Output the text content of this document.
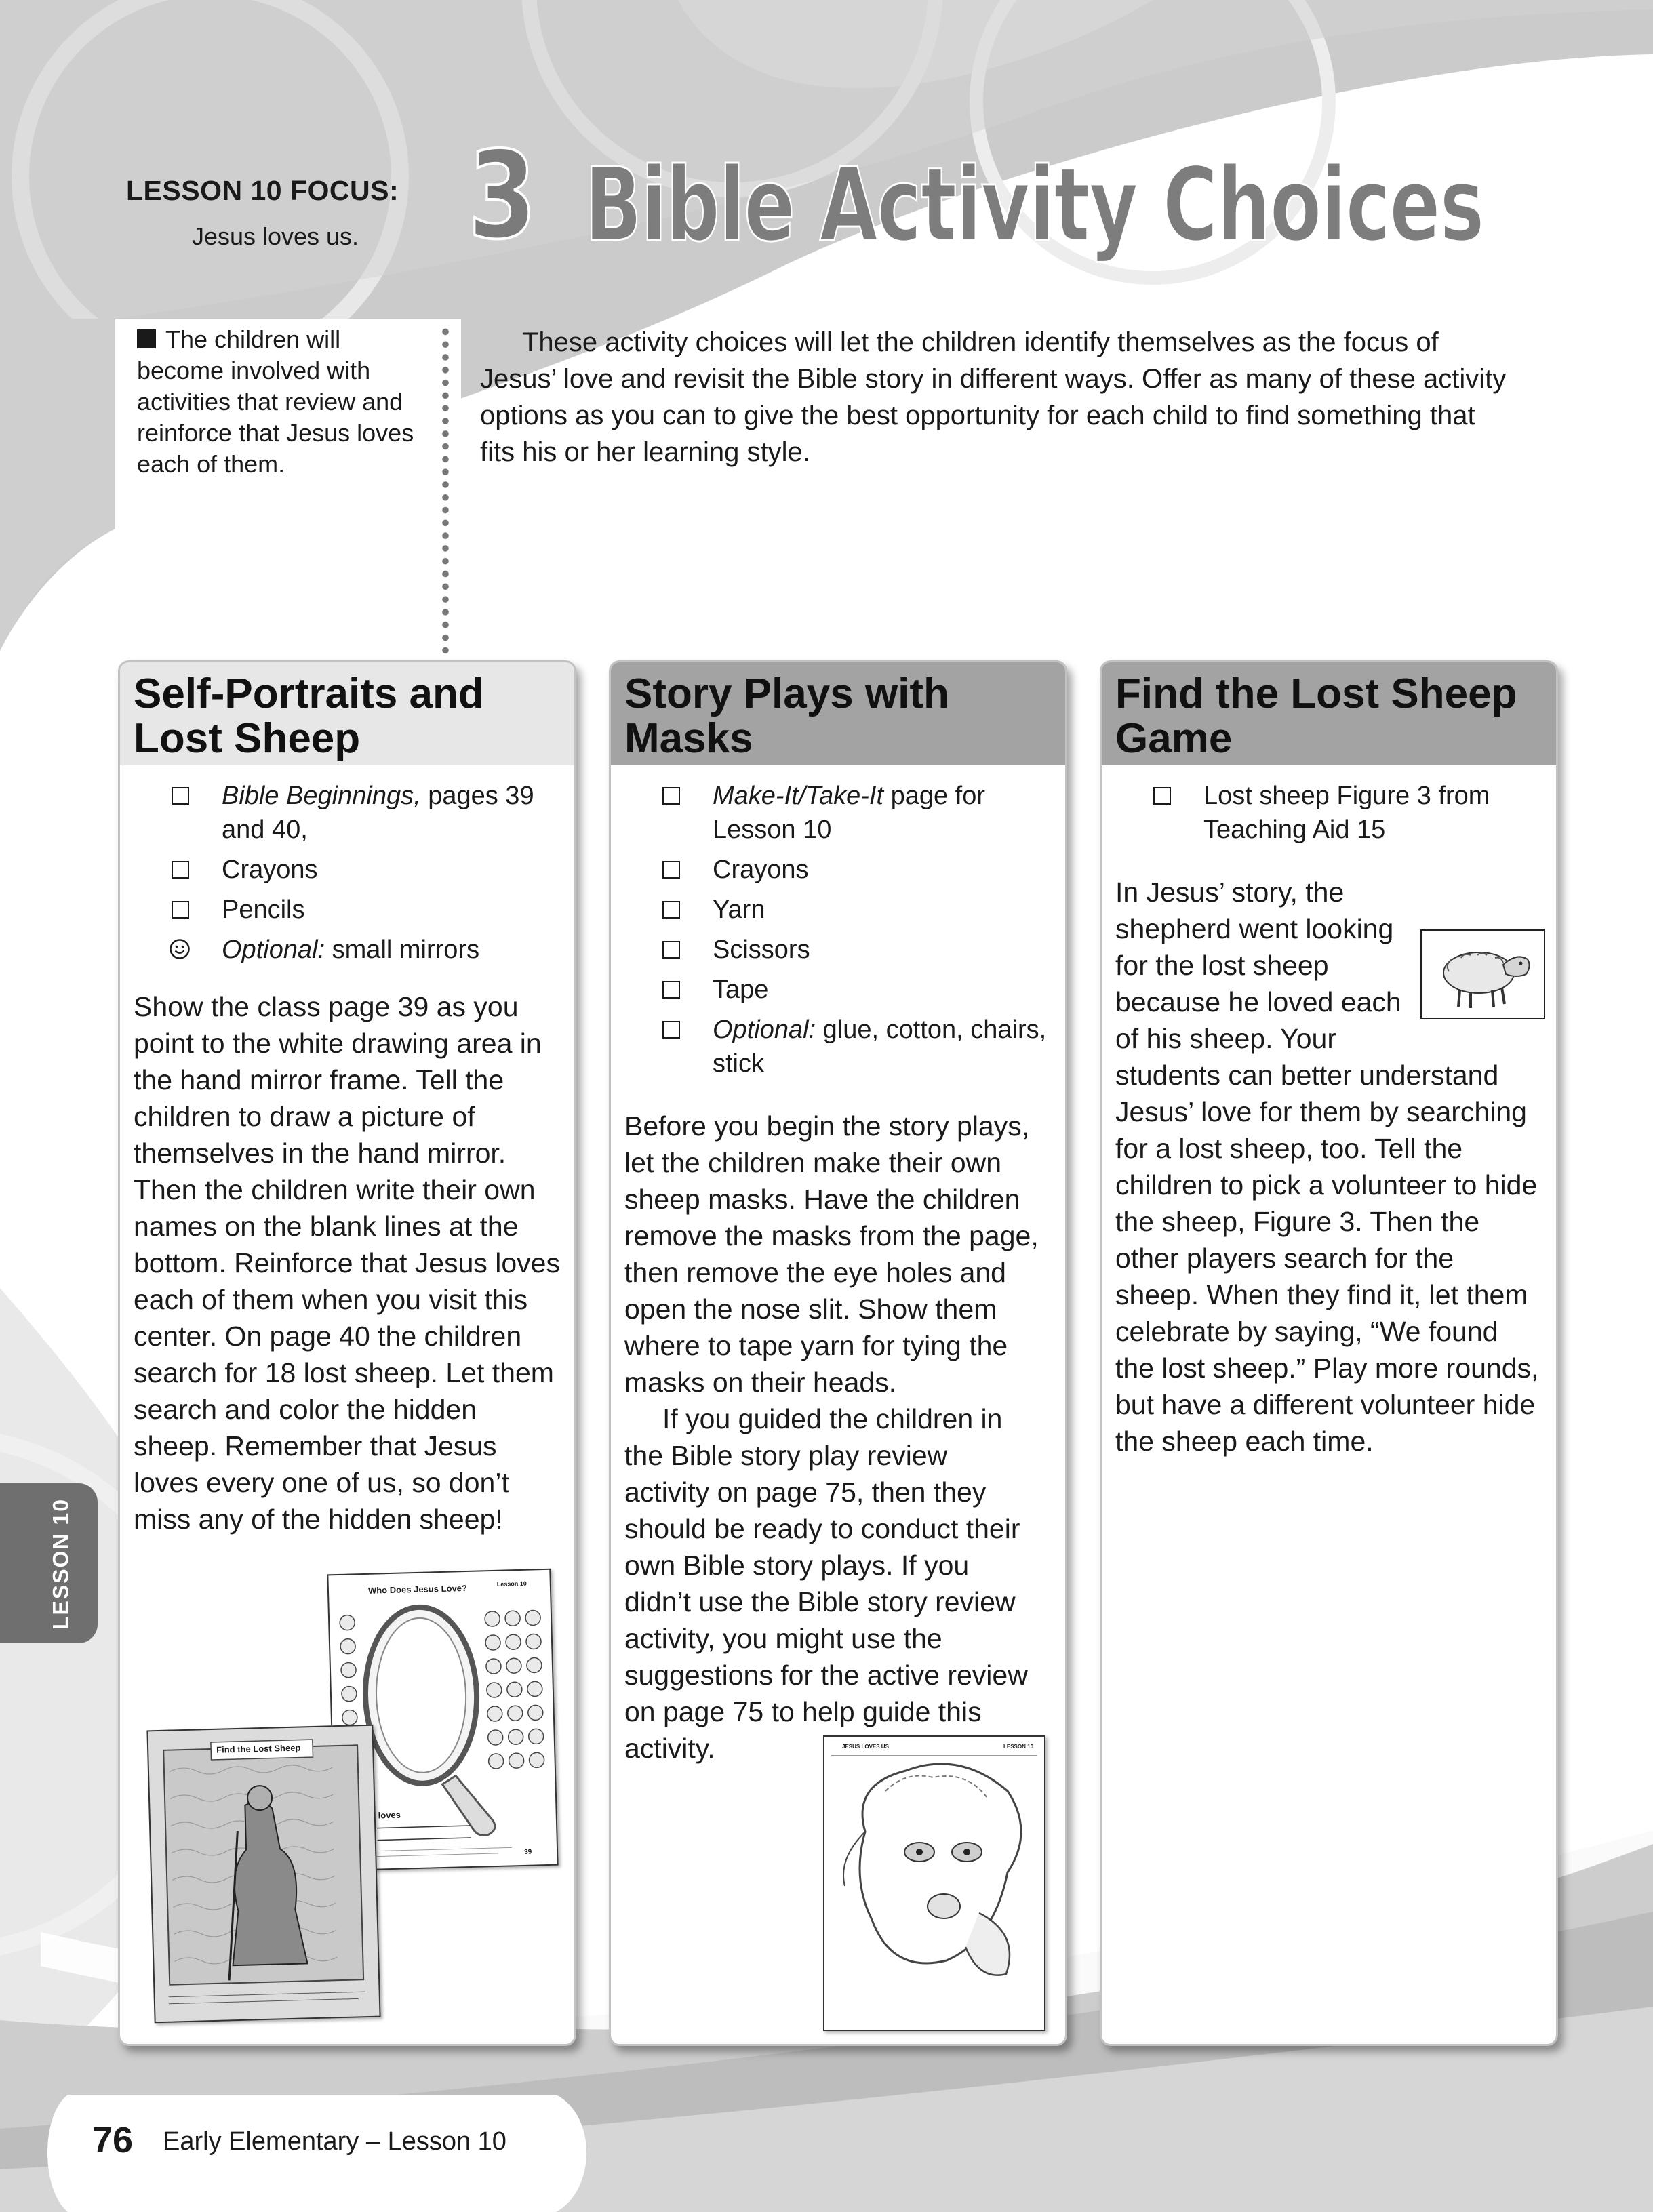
LESSON 10 FOCUS:
Jesus loves us. 3 Bible Activity Choices
The children will become involved with activities that review and reinforce that Jesus loves each of them.

These activity choices will let the children identify themselves as the focus of Jesus’ love and revisit the Bible story in different ways. Offer as many of these activity options as you can to give the best opportunity for each child to find something that fits his or her learning style.

Self-Portraits and Lost Sheep
Bible Beginnings, pages 39 and 40,
Crayons
Pencils
Optional: small mirrors

Show the class page 39 as you point to the white drawing area in the hand mirror frame. Tell the children to draw a picture of themselves in the hand mirror. Then the children write their own names on the blank lines at the bottom. Reinforce that Jesus loves each of them when you visit this center. On page 40 the children search for 18 lost sheep. Let them search and color the hidden sheep. Remember that Jesus loves every one of us, so don’t miss any of the hidden sheep!

Story Plays with Masks
Make-It/Take-It page for Lesson 10
Crayons
Yarn
Scissors
Tape
Optional: glue, cotton, chairs, stick

Before you begin the story plays, let the children make their own sheep masks. Have the children remove the masks from the page, then remove the eye holes and open the nose slit. Show them where to tape yarn for tying the masks on their heads.

If you guided the children in the Bible story play review activity on page 75, then they should be ready to conduct their own Bible story plays. If you didn’t use the Bible story review activity, you might use the suggestions for the active review on page 75 to help guide this activity.

Find the Lost Sheep Game
Lost sheep Figure 3 from Teaching Aid 15

In Jesus’ story, the shepherd went looking for the lost sheep because he loved each of his sheep. Your students can better understand Jesus’ love for them by searching for a lost sheep, too. Tell the children to pick a volunteer to hide the sheep, Figure 3. Then the other players search for the sheep. When they find it, let them celebrate by saying, “We found the lost sheep.” Play more rounds, but have a different volunteer hide the sheep each time.

Who Does Jesus Love?	Lesson 10
loves
39
Find the Lost Sheep	JESUS LOVES US	LESSON 10
LESSON 10
76 Early Elementary – Lesson 10
